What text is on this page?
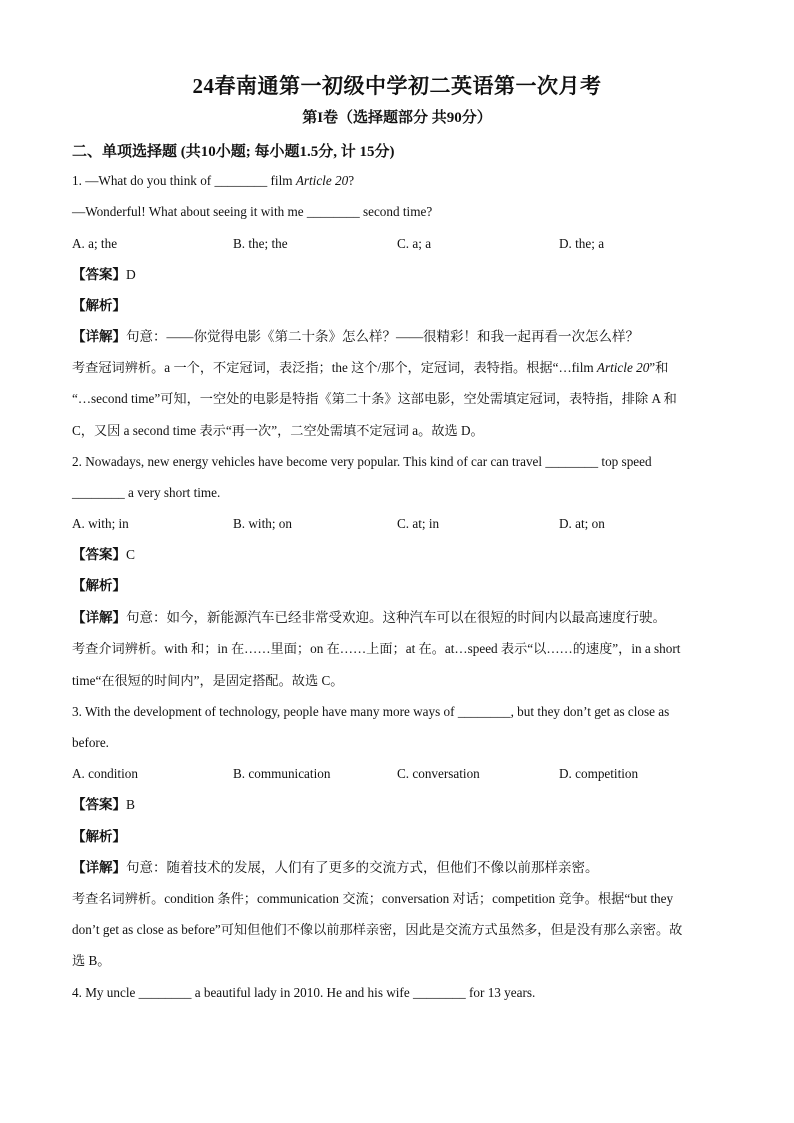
24春南通第一初级中学初二英语第一次月考
第I卷（选择题部分 共90分）
二、单项选择题 (共10小题; 每小题1.5分, 计 15分)
1. —What do you think of ________ film Article 20?
—Wonderful! What about seeing it with me ________ second time?
A. a; the	B. the; the	C. a; a	D. the; a
【答案】D
【解析】
【详解】句意：——你觉得电影《第二十条》怎么样？——很精彩！和我一起再看一次怎么样？
考查冠词辨析。a 一个，不定冠词，表泛指；the 这个/那个，定冠词，表特指。根据“…film Article 20”和
“…second time”可知，一空处的电影是特指《第二十条》这部电影，空处需填定冠词，表特指，排除 A 和
C，又因 a second time 表示“再一次”，二空处需填不定冠词 a。故选 D。
2. Nowadays, new energy vehicles have become very popular. This kind of car can travel ________ top speed
________ a very short time.
A. with; in	B. with; on	C. at; in	D. at; on
【答案】C
【解析】
【详解】句意：如今，新能源汽车已经非常受欢迎。这种汽车可以在很短的时间内以最高速度行驶。
考查介词辨析。with 和；in 在……里面；on 在……上面；at 在。at…speed 表示“以……的速度”，in a short
time“在很短的时间内”，是固定搭配。故选 C。
3. With the development of technology, people have many more ways of ________, but they don’t get as close as
before.
A. condition	B. communication	C. conversation	D. competition
【答案】B
【解析】
【详解】句意：随着技术的发展，人们有了更多的交流方式，但他们不像以前那样亲密。
考查名词辨析。condition 条件；communication 交流；conversation 对话；competition 竞争。根据“but they
don’t get as close as before”可知但他们不像以前那样亲密，因此是交流方式虽然多，但是没有那么亲密。故
选 B。
4. My uncle ________ a beautiful lady in 2010. He and his wife ________ for 13 years.
